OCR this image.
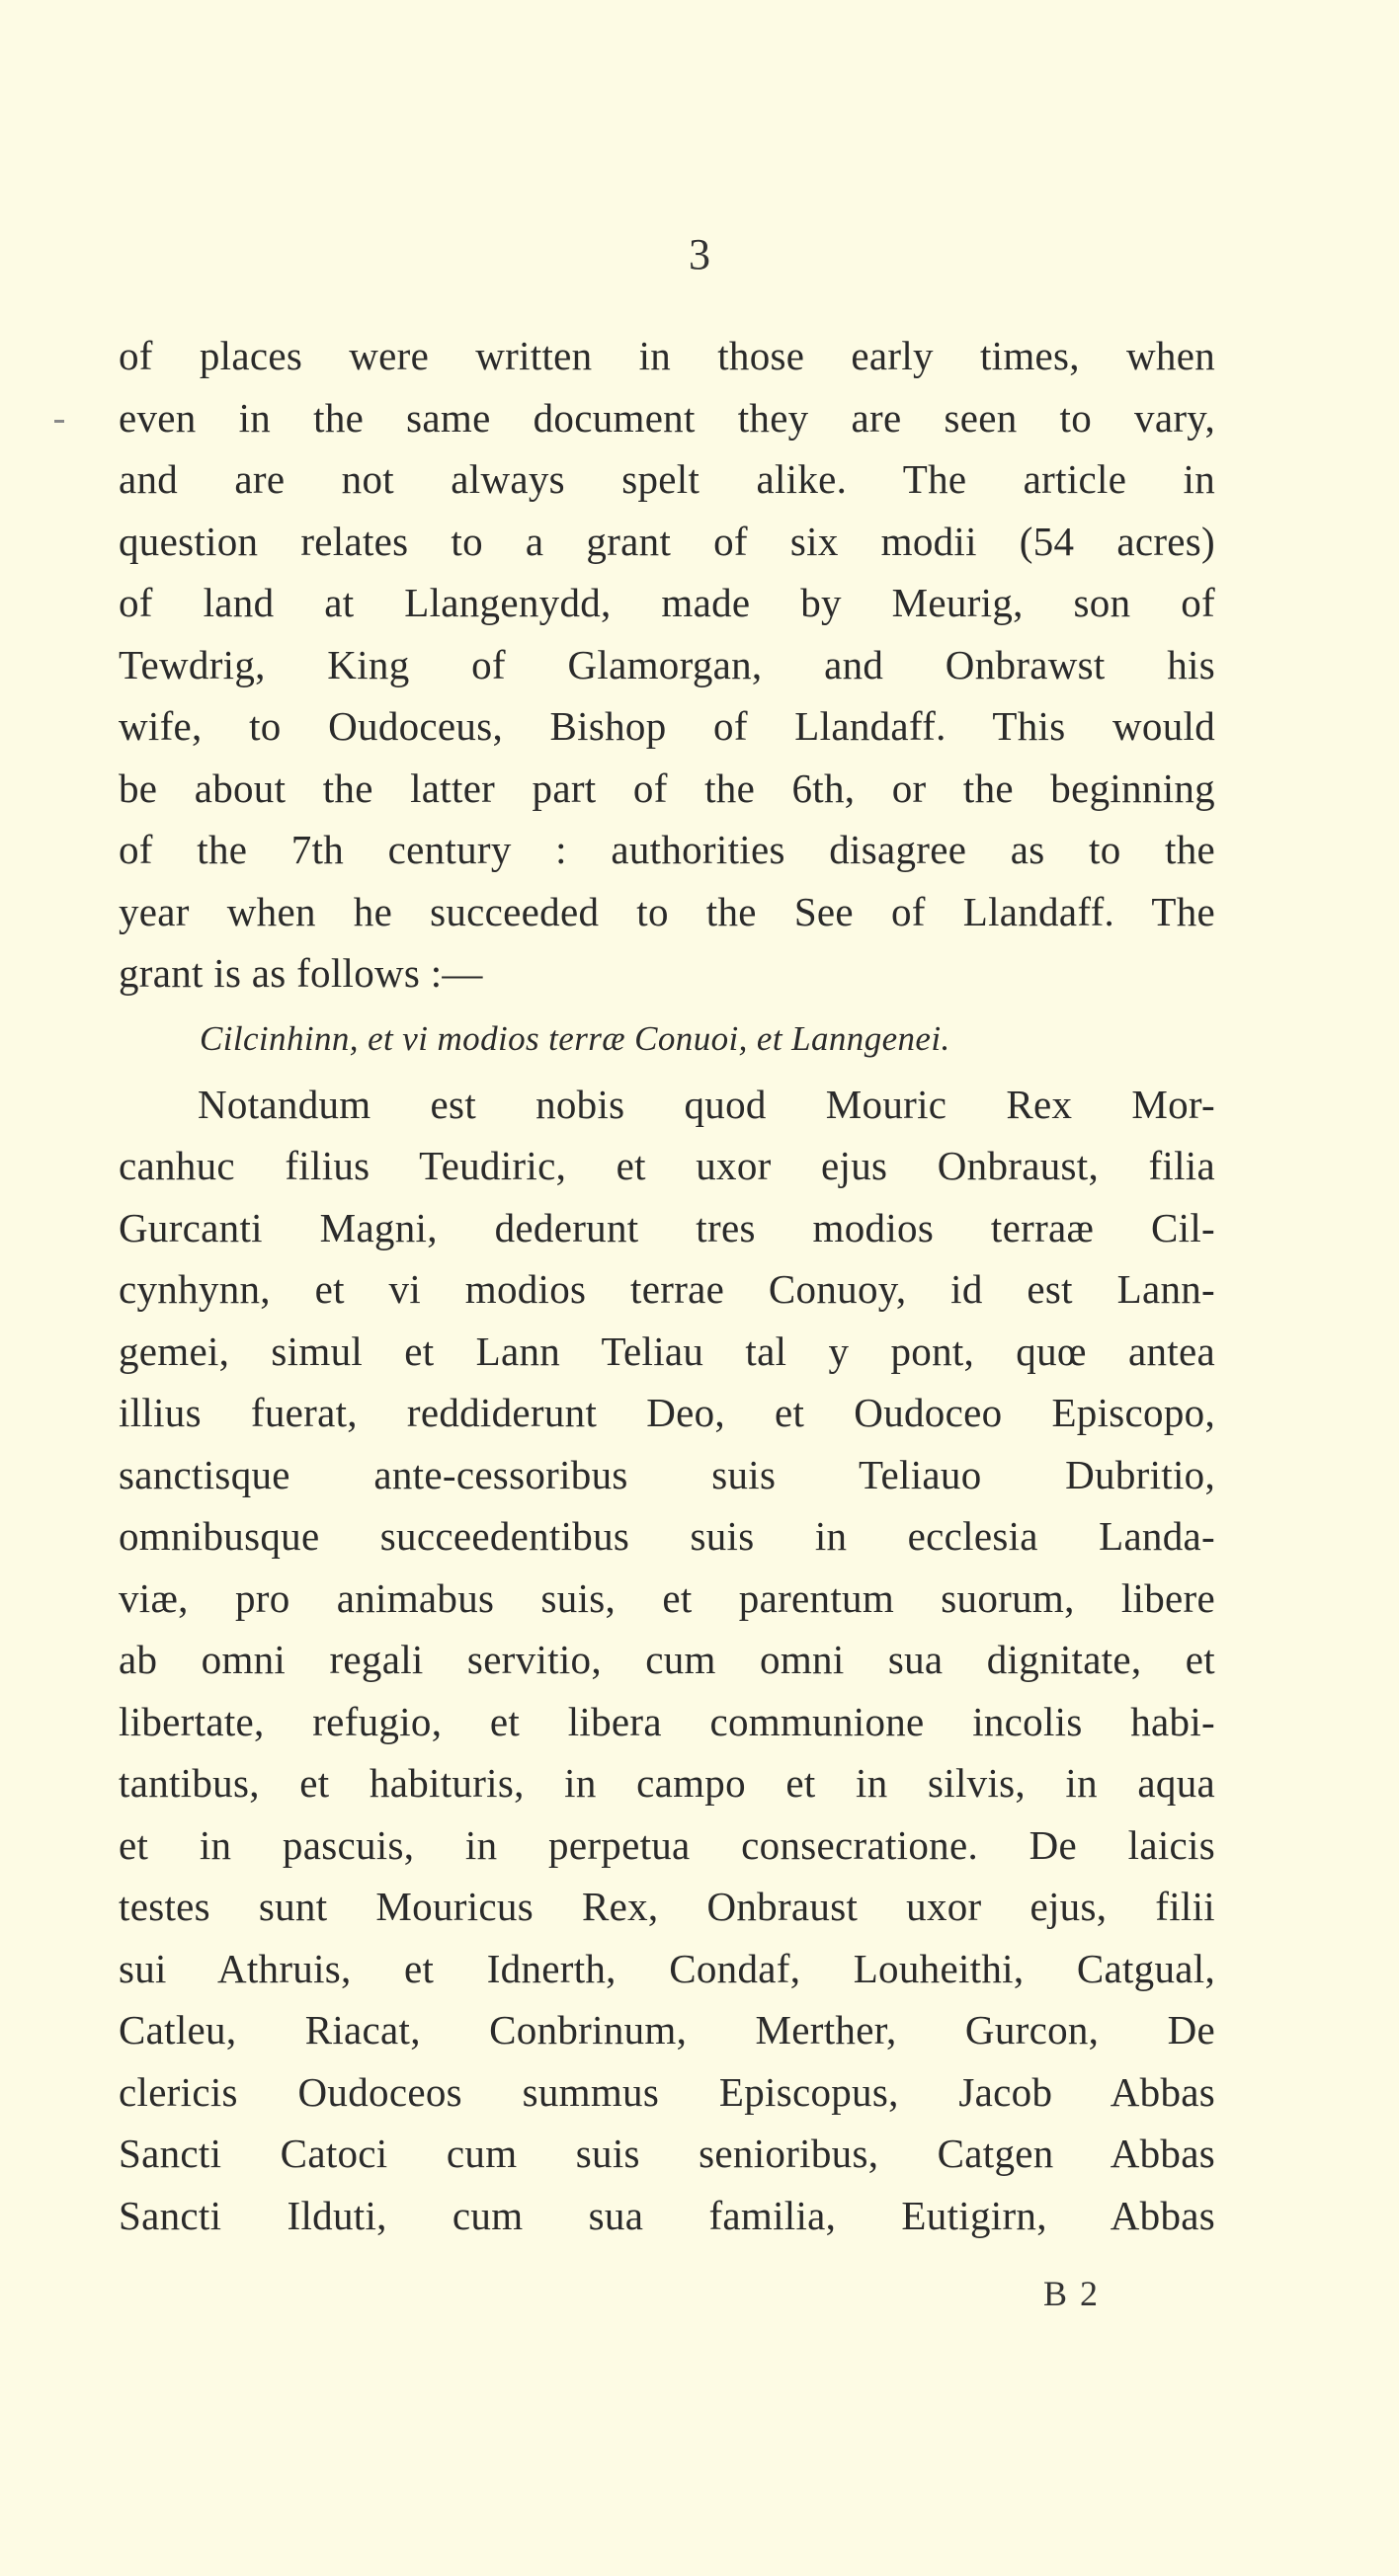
3
of places were written in those early times, when
even in the same document they are seen to vary,
and are not always spelt alike. The article in
question relates to a grant of six modii (54 acres)
of land at Llangenydd, made by Meurig, son of
Tewdrig, King of Glamorgan, and Onbrawst his
wife, to Oudoceus, Bishop of Llandaff. This would
be about the latter part of the 6th, or the beginning
of the 7th century : authorities disagree as to the
year when he succeeded to the See of Llandaff. The
grant is as follows :—
Cilcinhinn, et vi modios terræ Conuoi, et Lanngenei.
Notandum est nobis quod Mouric Rex Mor-
canhuc filius Teudiric, et uxor ejus Onbraust, filia
Gurcanti Magni, dederunt tres modios terraæ Cil-
cynhynn, et vi modios terrae Conuoy, id est Lann-
gemei, simul et Lann Teliau tal y pont, quœ antea
illius fuerat, reddiderunt Deo, et Oudoceo Episcopo,
sanctisque ante-cessoribus suis Teliauo Dubritio,
omnibusque succeedentibus suis in ecclesia Landa-
viæ, pro animabus suis, et parentum suorum, libere
ab omni regali servitio, cum omni sua dignitate, et
libertate, refugio, et libera communione incolis habi-
tantibus, et habituris, in campo et in silvis, in aqua
et in pascuis, in perpetua consecratione. De laicis
testes sunt Mouricus Rex, Onbraust uxor ejus, filii
sui Athruis, et Idnerth, Condaf, Louheithi, Catgual,
Catleu, Riacat, Conbrinum, Merther, Gurcon, De
clericis Oudoceos summus Episcopus, Jacob Abbas
Sancti Catoci cum suis senioribus, Catgen Abbas
Sancti Ilduti, cum sua familia, Eutigirn, Abbas
B 2
